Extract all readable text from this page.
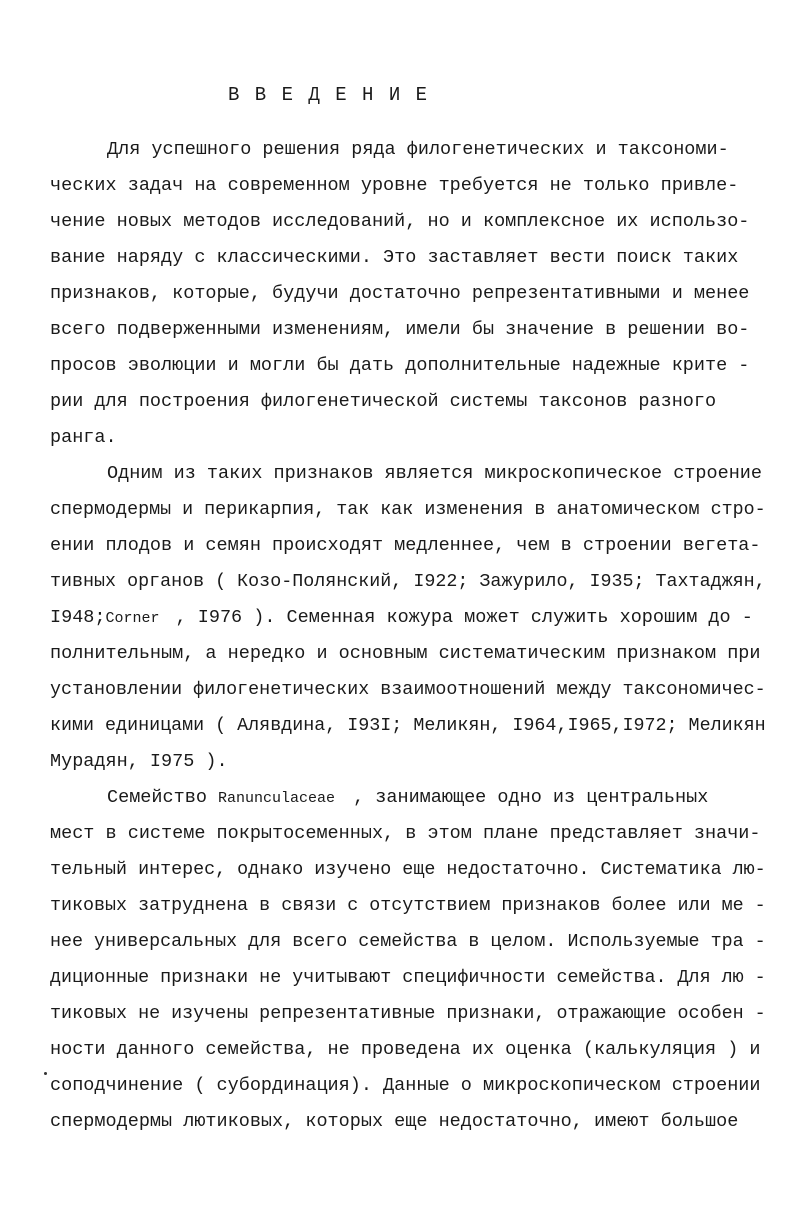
В В Е Д Е Н И Е
Для успешного решения ряда филогенетических и таксономи-
ческих задач на современном уровне требуется не только привле-
чение новых методов исследований, но и комплексное их использо-
вание наряду с классическими. Это заставляет вести поиск таких
признаков, которые, будучи достаточно репрезентативными и менее
всего подверженными изменениям, имели бы значение в решении во-
просов эволюции и могли бы дать дополнительные надежные крите -
рии для построения филогенетической системы таксонов разного
ранга.
Одним из таких признаков является микроскопическое строение
спермодермы и перикарпия, так как изменения в анатомическом стро-
ении плодов и семян происходят медленнее, чем в строении вегета-
тивных органов ( Козо-Полянский, I922; Зажурило, I935; Тахтаджян,
I948;Corner , I976 ). Семенная кожура может служить хорошим до -
полнительным, а нередко и основным систематическим признаком при
установлении филогенетических взаимоотношений между таксономичес-
кими единицами ( Алявдина, I93I; Меликян, I964,I965,I972; Меликян
Мурадян, I975 ).
Семейство Ranunculaceae , занимающее одно из центральных
мест в системе покрытосеменных, в этом плане представляет значи-
тельный интерес, однако изучено еще недостаточно. Систематика лю-
тиковых затруднена в связи с отсутствием признаков более или ме -
нее универсальных для всего семейства в целом. Используемые тра -
диционные признаки не учитывают специфичности семейства. Для лю -
тиковых не изучены репрезентативные признаки, отражающие особен -
ности данного семейства, не проведена их оценка (калькуляция ) и
соподчинение ( субординация). Данные о микроскопическом строении
спермодермы лютиковых, которых еще недостаточно, имеют большое
